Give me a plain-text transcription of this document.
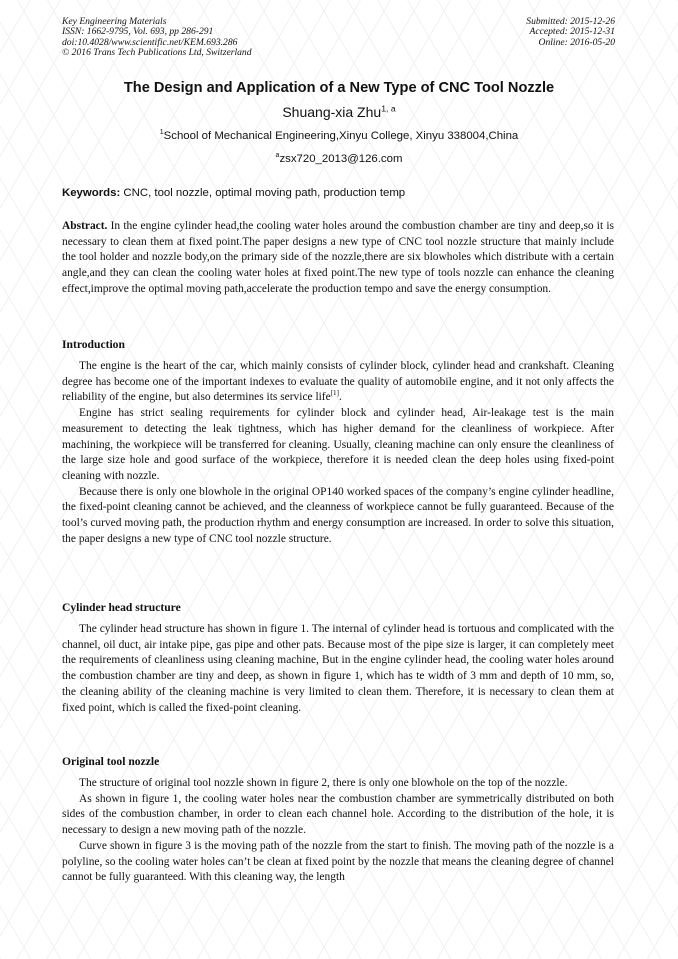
Key Engineering Materials
ISSN: 1662-9795, Vol. 693, pp 286-291
doi:10.4028/www.scientific.net/KEM.693.286
© 2016 Trans Tech Publications Ltd, Switzerland
Submitted: 2015-12-26
Accepted: 2015-12-31
Online: 2016-05-20
The Design and Application of a New Type of CNC Tool Nozzle
Shuang-xia Zhu$^{1, a}$
$^1$School of Mechanical Engineering,Xinyu College, Xinyu 338004,China
$^a$zsx720_2013@126.com
Keywords: CNC, tool nozzle, optimal moving path, production temp

Abstract. In the engine cylinder head,the cooling water holes around the combustion chamber are tiny and deep,so it is necessary to clean them at fixed point.The paper designs a new type of CNC tool nozzle structure that mainly include the tool holder and nozzle body,on the primary side of the nozzle,there are six blowholes which distribute with a certain angle,and they can clean the cooling water holes at fixed point.The new type of tools nozzle can enhance the cleaning effect,improve the optimal moving path,accelerate the production tempo and save the energy consumption.

Introduction

The engine is the heart of the car, which mainly consists of cylinder block, cylinder head and crankshaft. Cleaning degree has become one of the important indexes to evaluate the quality of automobile engine, and it not only affects the reliability of the engine, but also determines its service life[1].

Engine has strict sealing requirements for cylinder block and cylinder head, Air-leakage test is the main measurement to detecting the leak tightness, which has higher demand for the cleanliness of workpiece. After machining, the workpiece will be transferred for cleaning. Usually, cleaning machine can only ensure the cleanliness of the large size hole and good surface of the workpiece, therefore it is needed clean the deep holes using fixed-point cleaning with nozzle.

Because there is only one blowhole in the original OP140 worked spaces of the company’s engine cylinder headline, the fixed-point cleaning cannot be achieved, and the cleanness of workpiece cannot be fully guaranteed. Because of the tool’s curved moving path, the production rhythm and energy consumption are increased. In order to solve this situation, the paper designs a new type of CNC tool nozzle structure.

Cylinder head structure

The cylinder head structure has shown in figure 1. The internal of cylinder head is tortuous and complicated with the channel, oil duct, air intake pipe, gas pipe and other pats. Because most of the pipe size is larger, it can completely meet the requirements of cleanliness using cleaning machine, But in the engine cylinder head, the cooling water holes around the combustion chamber are tiny and deep, as shown in figure 1, which has te width of 3 mm and depth of 10 mm, so, the cleaning ability of the cleaning machine is very limited to clean them. Therefore, it is necessary to clean them at fixed point, which is called the fixed-point cleaning.

Original tool nozzle

The structure of original tool nozzle shown in figure 2, there is only one blowhole on the top of the nozzle.

As shown in figure 1, the cooling water holes near the combustion chamber are symmetrically distributed on both sides of the combustion chamber, in order to clean each channel hole. According to the distribution of the hole, it is necessary to design a new moving path of the nozzle.

Curve shown in figure 3 is the moving path of the nozzle from the start to finish. The moving path of the nozzle is a polyline, so the cooling water holes can’t be clean at fixed point by the nozzle that means the cleaning degree of channel cannot be fully guaranteed. With this cleaning way, the length
